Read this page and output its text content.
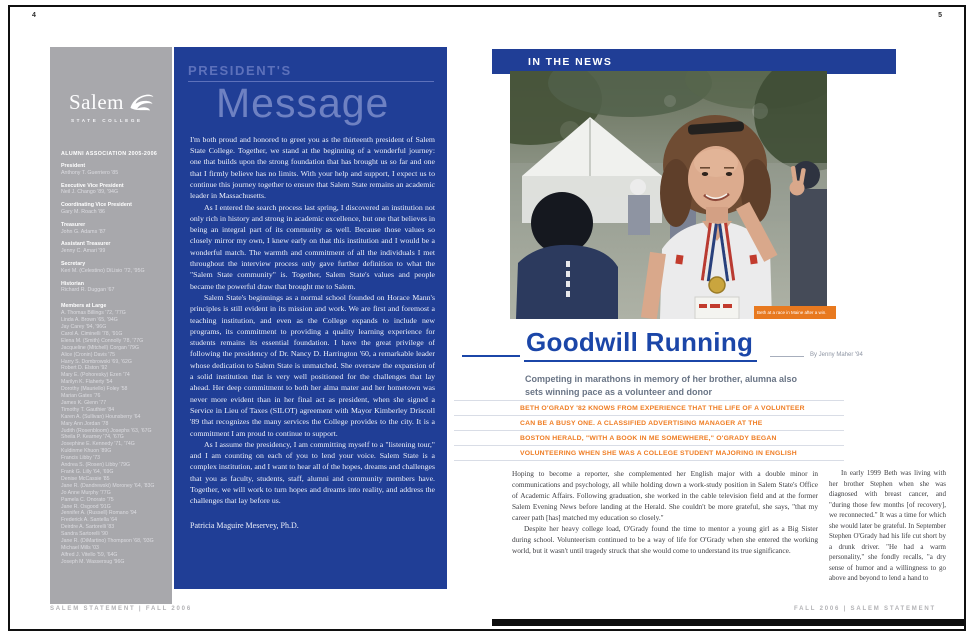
4	5
Salem
STATE COLLEGE
ALUMNI ASSOCIATION 2005-2006
President
Anthony T. Guerriero '85
Executive Vice President
Neil J. Chango '89, '94G
Coordinating Vice President
Gary M. Roach '86
Treasurer
John G. Adams '87
Assistant Treasurer
Jenny C. Amari '99
Secretary
Keri M. (Celestino) DiLisio '72, '95G
Historian
Richard R. Duggan '67
Members at Large
A. Thomas Billings '72, '77G
Linda A. Brown '65, '94G
Jay Carey '94, '96G
Carol A. Ciminelli '78, '91G
Elena M. (Smith) Connolly '78, '77G
Jacqueline (Mitchell) Corgan '79G
Alice (Cronin) Davis '75
Harry S. Dombrowski '69, '62G
Robert D. Elston '92
Mary E. (Pohoresky) Ezen '74
Marilyn K. Flaherty '54
Dorothy (Mauriello) Foley '58
Marian Gates '76
James K. Glenn '77
Timothy T. Gauthier '84
Karen A. (Sullivan) Hounsberry '64
Mary Ann Jordan '78
Judith (Rosenbloom) Josephs '63, '67G
Sheila P. Kearney '74, '67G
Josephine E. Kennedy '71, '74G
Kuldinme Khuon '89G
Francis Libby '73
Andrea S. (Rosen) Libby '79G
Frank G. Lilly '64, '69G
Denise McCassie '85
Jane R. (Dandrewski) Moroney '64, '83G
Jo Anne Murphy '77G
Pamela C. Onorato '75
Jane R. Osgood '91G
Jennifer A. (Russell) Romano '94
Frederick A. Santella '64
Deirdre A. Sartorelli '83
Sandra Sartorelli '90
Jane R. (DiMartino) Thompson '68, '93G
Michael Mills '03
Alfred J. Vitello '59, '64G
Joseph M. Wassersug '96G
PRESIDENT'S
Message

I'm both proud and honored to greet you as the thirteenth president of Salem State College. Together, we stand at the beginning of a wonderful journey: one that builds upon the strong foundation that has brought us so far and one that I firmly believe has no limits. With your help and support, I expect us to continue this journey together to ensure that Salem State remains an academic leader in Massachusetts.

As I entered the search process last spring, I discovered an institution not only rich in history and strong in academic excellence, but one that believes in being an integral part of its community as well. Because those values so closely mirror my own, I knew early on that this institution and I would be a wonderful match. The warmth and commitment of all the individuals I met throughout the interview process only gave further definition to what the "Salem State community" is. Together, Salem State's values and people became the powerful draw that brought me to Salem.

Salem State's beginnings as a normal school founded on Horace Mann's principles is still evident in its mission and work. We are first and foremost a teaching institution, and even as the College expands to include new programs, its commitment to providing a quality learning experience for students remains its essential foundation. I have the great privilege of following the presidency of Dr. Nancy D. Harrington '60, a remarkable leader whose dedication to Salem State is unmatched. She oversaw the expansion of a solid institution that is very well positioned for the challenges that lay ahead. Her deep commitment to both her alma mater and her hometown was never more evident than in her final act as president, when she signed a Service in Lieu of Taxes (SILOT) agreement with Mayor Kimberley Driscoll '89 that recognizes the many services the College provides to the city. It is a commitment I am proud to continue to support.

As I assume the presidency, I am committing myself to a "listening tour," and I am counting on each of you to lend your voice. Salem State is a complex institution, and I want to hear all of the hopes, dreams and challenges that you as faculty, students, staff, alumni and community members have. Together, we will work to turn hopes and dreams into reality, and address the challenges that lay before us.

Patricia Maguire Meservey, Ph.D.
SALEM STATEMENT | FALL 2006
IN THE NEWS
Beth at a race in Maine after a win.
Goodwill Running	By Jenny Maher '94
Competing in marathons in memory of her brother, alumna also sets winning pace as a volunteer and donor
BETH O'GRADY '82 KNOWS FROM EXPERIENCE THAT THE LIFE OF A VOLUNTEER
CAN BE A BUSY ONE. A CLASSIFIED ADVERTISING MANAGER AT THE
BOSTON HERALD, "WITH A BOOK IN ME SOMEWHERE," O'GRADY BEGAN
VOLUNTEERING WHEN SHE WAS A COLLEGE STUDENT MAJORING IN ENGLISH

Hoping to become a reporter, she complemented her English major with a double minor in communications and psychology, all while holding down a work-study position in Salem State's Office of Academic Affairs. Following graduation, she worked in the cable television field and at the former Salem Evening News before landing at the Herald. She couldn't be more grateful, she says, "that my career path [has] matched my education so closely."

Despite her heavy college load, O'Grady found the time to mentor a young girl as a Big Sister during school. Volunteerism continued to be a way of life for O'Grady when she entered the working world, but it wasn't until tragedy struck that she would come to understand its true significance.

In early 1999 Beth was living with her brother Stephen when she was diagnosed with breast cancer, and "during those few months [of recovery], we reconnected." It was a time for which she would later be grateful. In September Stephen O'Grady had his life cut short by a drunk driver. "He had a warm personality," she fondly recalls, "a dry sense of humor and a willingness to go above and beyond to lend a hand to

FALL 2006 | SALEM STATEMENT
